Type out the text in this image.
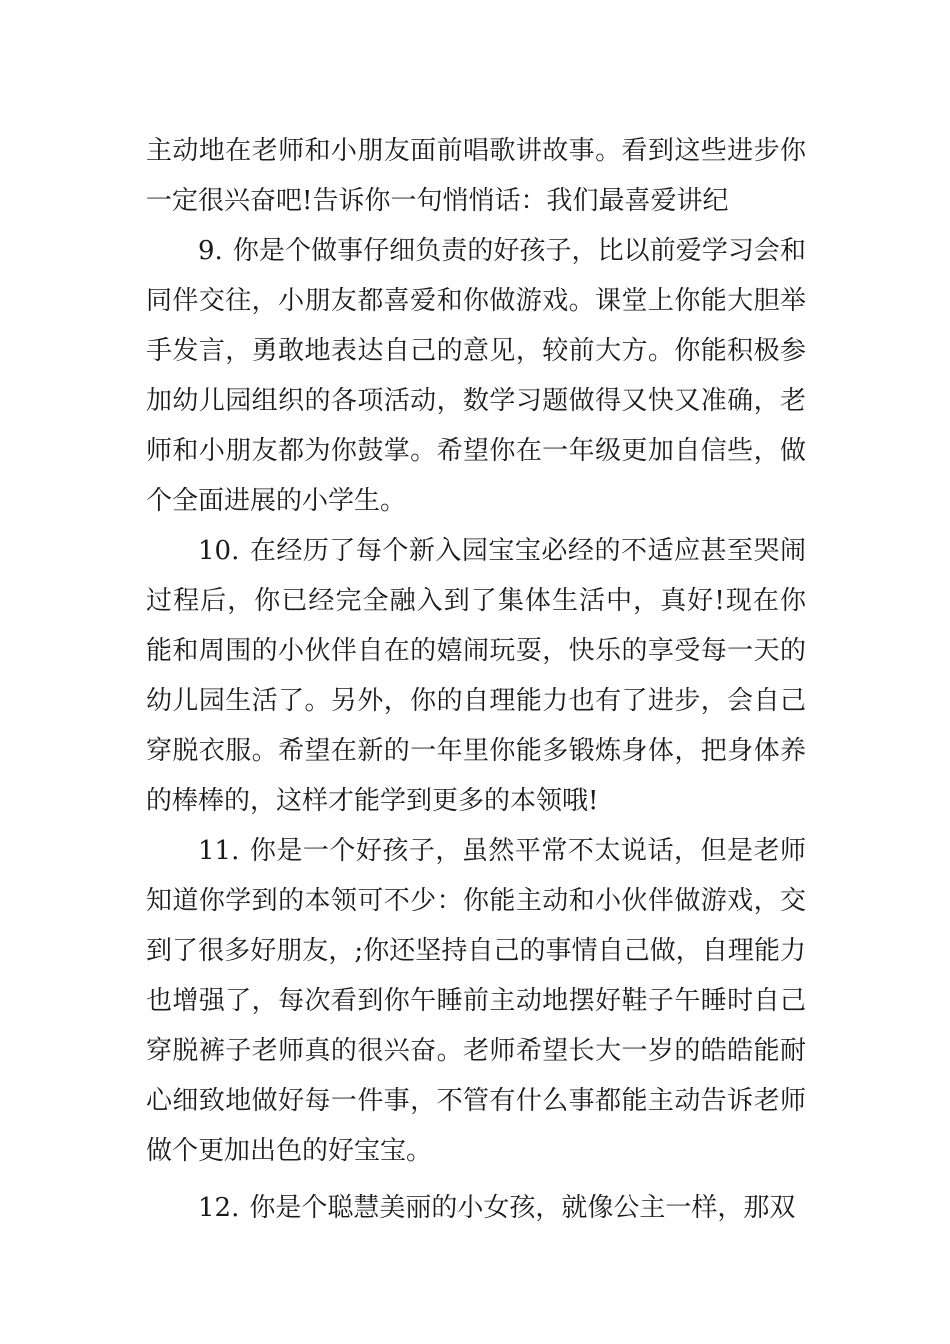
主动地在老师和小朋友面前唱歌讲故事。看到这些进步你一定很兴奋吧!告诉你一句悄悄话：我们最喜爱讲纪

9. 你是个做事仔细负责的好孩子，比以前爱学习会和同伴交往，小朋友都喜爱和你做游戏。课堂上你能大胆举手发言，勇敢地表达自己的意见，较前大方。你能积极参加幼儿园组织的各项活动，数学习题做得又快又准确，老师和小朋友都为你鼓掌。希望你在一年级更加自信些，做个全面进展的小学生。

10. 在经历了每个新入园宝宝必经的不适应甚至哭闹过程后，你已经完全融入到了集体生活中，真好!现在你能和周围的小伙伴自在的嬉闹玩耍，快乐的享受每一天的幼儿园生活了。另外，你的自理能力也有了进步，会自己穿脱衣服。希望在新的一年里你能多锻炼身体，把身体养的棒棒的，这样才能学到更多的本领哦!

11. 你是一个好孩子，虽然平常不太说话，但是老师知道你学到的本领可不少：你能主动和小伙伴做游戏，交到了很多好朋友，;你还坚持自己的事情自己做，自理能力也增强了，每次看到你午睡前主动地摆好鞋子午睡时自己穿脱裤子老师真的很兴奋。老师希望长大一岁的皓皓能耐心细致地做好每一件事，不管有什么事都能主动告诉老师做个更加出色的好宝宝。

12. 你是个聪慧美丽的小女孩，就像公主一样，那双
